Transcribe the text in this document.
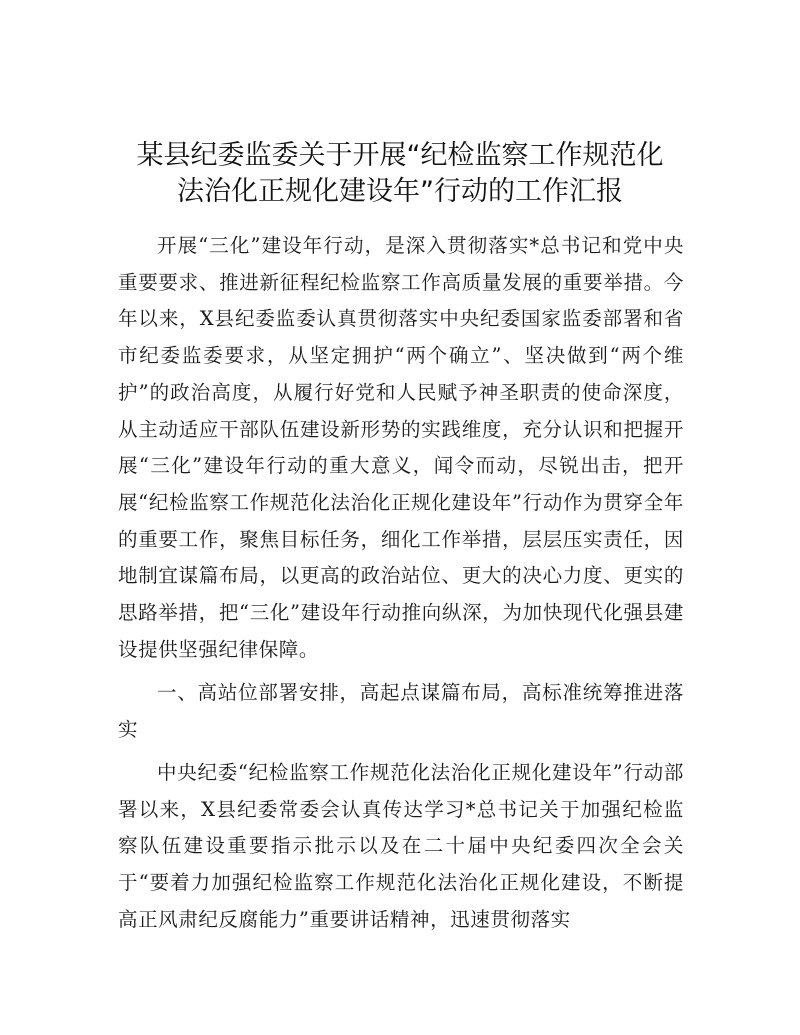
某县纪委监委关于开展“纪检监察工作规范化
法治化正规化建设年”行动的工作汇报

开展“三化”建设年行动，是深入贯彻落实*总书记和党中央重要要求、推进新征程纪检监察工作高质量发展的重要举措。今年以来，X县纪委监委认真贯彻落实中央纪委国家监委部署和省市纪委监委要求，从坚定拥护“两个确立”、坚决做到“两个维护”的政治高度，从履行好党和人民赋予神圣职责的使命深度，从主动适应干部队伍建设新形势的实践维度，充分认识和把握开展“三化”建设年行动的重大意义，闻令而动，尽锐出击，把开展“纪检监察工作规范化法治化正规化建设年”行动作为贯穿全年的重要工作，聚焦目标任务，细化工作举措，层层压实责任，因地制宜谋篇布局，以更高的政治站位、更大的决心力度、更实的思路举措，把“三化”建设年行动推向纵深，为加快现代化强县建设提供坚强纪律保障。

一、高站位部署安排，高起点谋篇布局，高标准统筹推进落实

中央纪委“纪检监察工作规范化法治化正规化建设年”行动部署以来，X县纪委常委会认真传达学习*总书记关于加强纪检监察队伍建设重要指示批示以及在二十届中央纪委四次全会关于“要着力加强纪检监察工作规范化法治化正规化建设，不断提高正风肃纪反腐能力”重要讲话精神，迅速贯彻落实
